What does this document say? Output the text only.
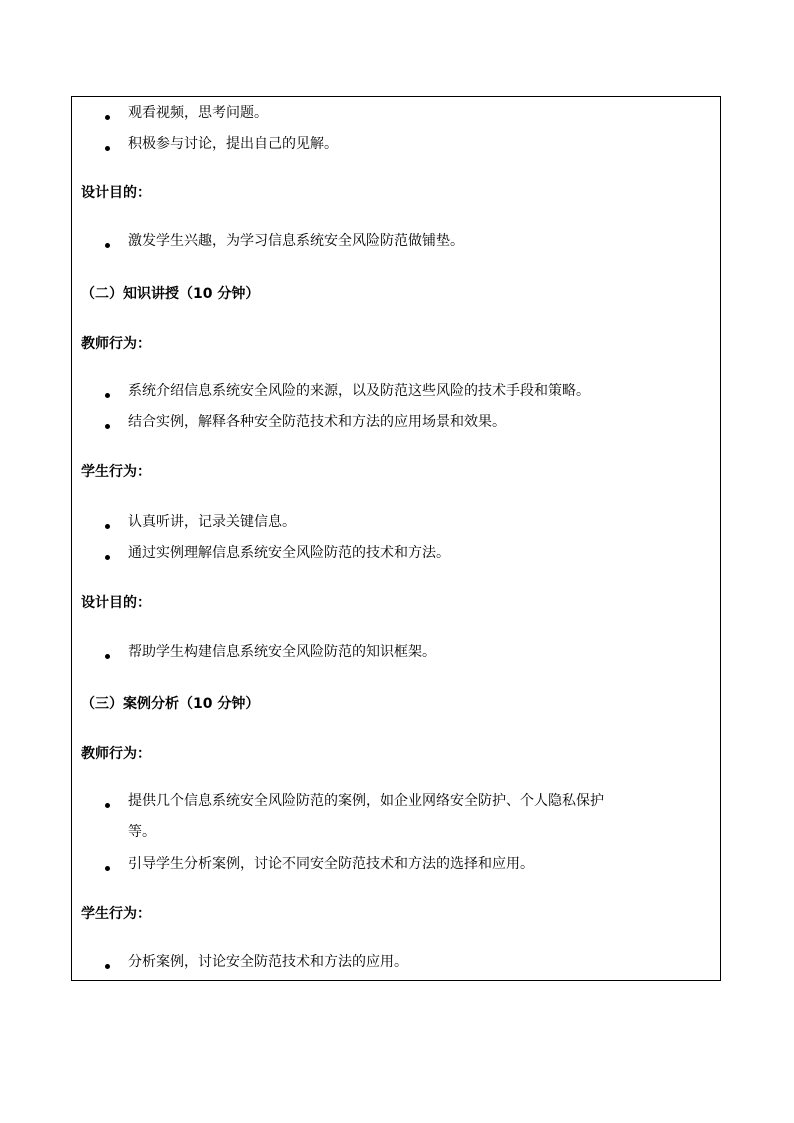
观看视频，思考问题。
积极参与讨论，提出自己的见解。
设计目的：
激发学生兴趣，为学习信息系统安全风险防范做铺垫。
（二）知识讲授（10 分钟）
教师行为：
系统介绍信息系统安全风险的来源，以及防范这些风险的技术手段和策略。
结合实例，解释各种安全防范技术和方法的应用场景和效果。
学生行为：
认真听讲，记录关键信息。
通过实例理解信息系统安全风险防范的技术和方法。
设计目的：
帮助学生构建信息系统安全风险防范的知识框架。
（三）案例分析（10 分钟）
教师行为：
提供几个信息系统安全风险防范的案例，如企业网络安全防护、个人隐私保护
等。
引导学生分析案例，讨论不同安全防范技术和方法的选择和应用。
学生行为：
分析案例，讨论安全防范技术和方法的应用。
